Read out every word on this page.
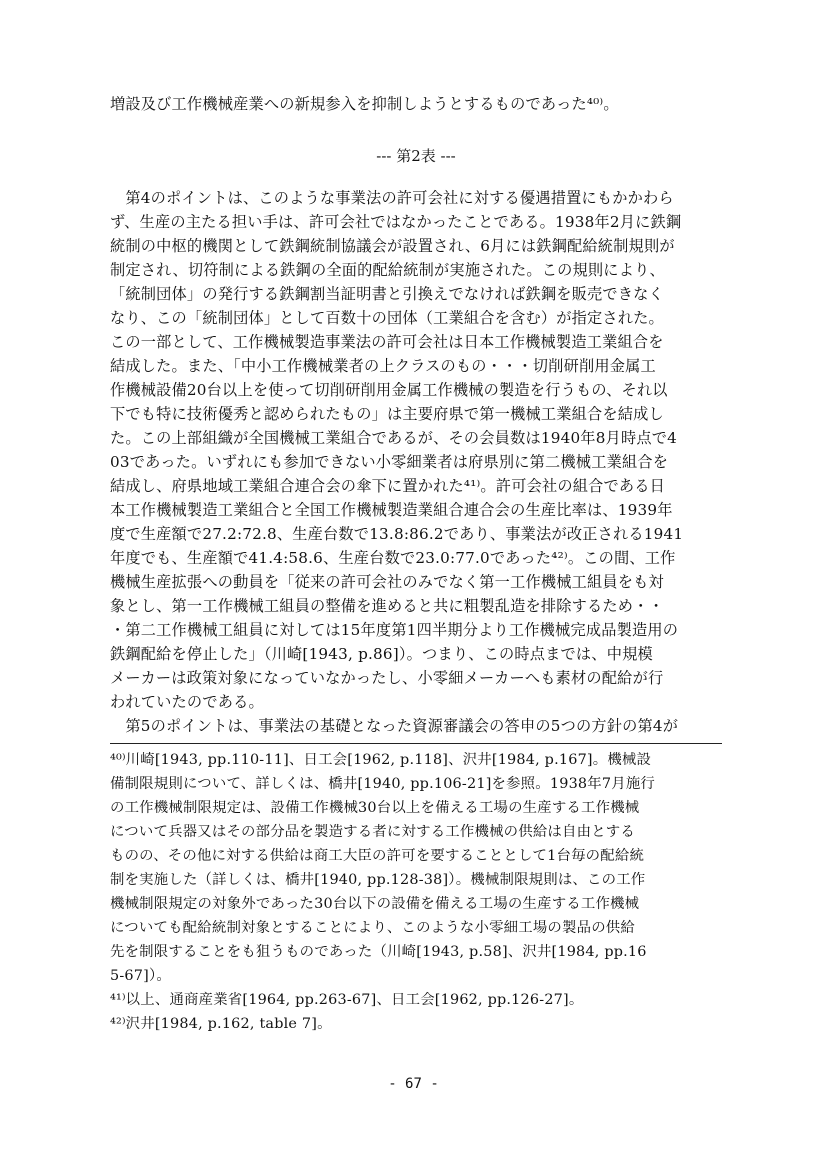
増設及び工作機械産業への新規参入を抑制しようとするものであった⁴⁰⁾。
--- 第2表 ---
　第4のポイントは、このような事業法の許可会社に対する優遇措置にもかかわら
ず、生産の主たる担い手は、許可会社ではなかったことである。1938年2月に鉄鋼
統制の中枢的機関として鉄鋼統制協議会が設置され、6月には鉄鋼配給統制規則が
制定され、切符制による鉄鋼の全面的配給統制が実施された。この規則により、
「統制団体」の発行する鉄鋼割当証明書と引換えでなければ鉄鋼を販売できなく
なり、この「統制団体」として百数十の団体（工業組合を含む）が指定された。
この一部として、工作機械製造事業法の許可会社は日本工作機械製造工業組合を
結成した。また、「中小工作機械業者の上クラスのもの・・・切削研削用金属工
作機械設備20台以上を使って切削研削用金属工作機械の製造を行うもの、それ以
下でも特に技術優秀と認められたもの」は主要府県で第一機械工業組合を結成し
た。この上部組織が全国機械工業組合であるが、その会員数は1940年8月時点で4
03であった。いずれにも参加できない小零細業者は府県別に第二機械工業組合を
結成し、府県地域工業組合連合会の傘下に置かれた⁴¹⁾。許可会社の組合である日
本工作機械製造工業組合と全国工作機械製造業組合連合会の生産比率は、1939年
度で生産額で27.2:72.8、生産台数で13.8:86.2であり、事業法が改正される1941
年度でも、生産額で41.4:58.6、生産台数で23.0:77.0であった⁴²⁾。この間、工作
機械生産拡張への動員を「従来の許可会社のみでなく第一工作機械工組員をも対
象とし、第一工作機械工組員の整備を進めると共に粗製乱造を排除するため・・
・第二工作機械工組員に対しては15年度第1四半期分より工作機械完成品製造用の
鉄鋼配給を停止した」（川崎[1943, p.86]）。つまり、この時点までは、中規模
メーカーは政策対象になっていなかったし、小零細メーカーへも素材の配給が行
われていたのである。
　第5のポイントは、事業法の基礎となった資源審議会の答申の5つの方針の第4が
⁴⁰⁾川崎[1943, pp.110-11]、日工会[1962, p.118]、沢井[1984, p.167]。機械設
備制限規則について、詳しくは、橋井[1940, pp.106-21]を参照。1938年7月施行
の工作機械制限規定は、設備工作機械30台以上を備える工場の生産する工作機械
について兵器又はその部分品を製造する者に対する工作機械の供給は自由とする
ものの、その他に対する供給は商工大臣の許可を要することとして1台毎の配給統
制を実施した（詳しくは、橋井[1940, pp.128-38]）。機械制限規則は、この工作
機械制限規定の対象外であった30台以下の設備を備える工場の生産する工作機械
についても配給統制対象とすることにより、このような小零細工場の製品の供給
先を制限することをも狙うものであった（川崎[1943, p.58]、沢井[1984, pp.16
5-67]）。
⁴¹⁾以上、通商産業省[1964, pp.263-67]、日工会[1962, pp.126-27]。
⁴²⁾沢井[1984, p.162, table 7]。
- 67 -
